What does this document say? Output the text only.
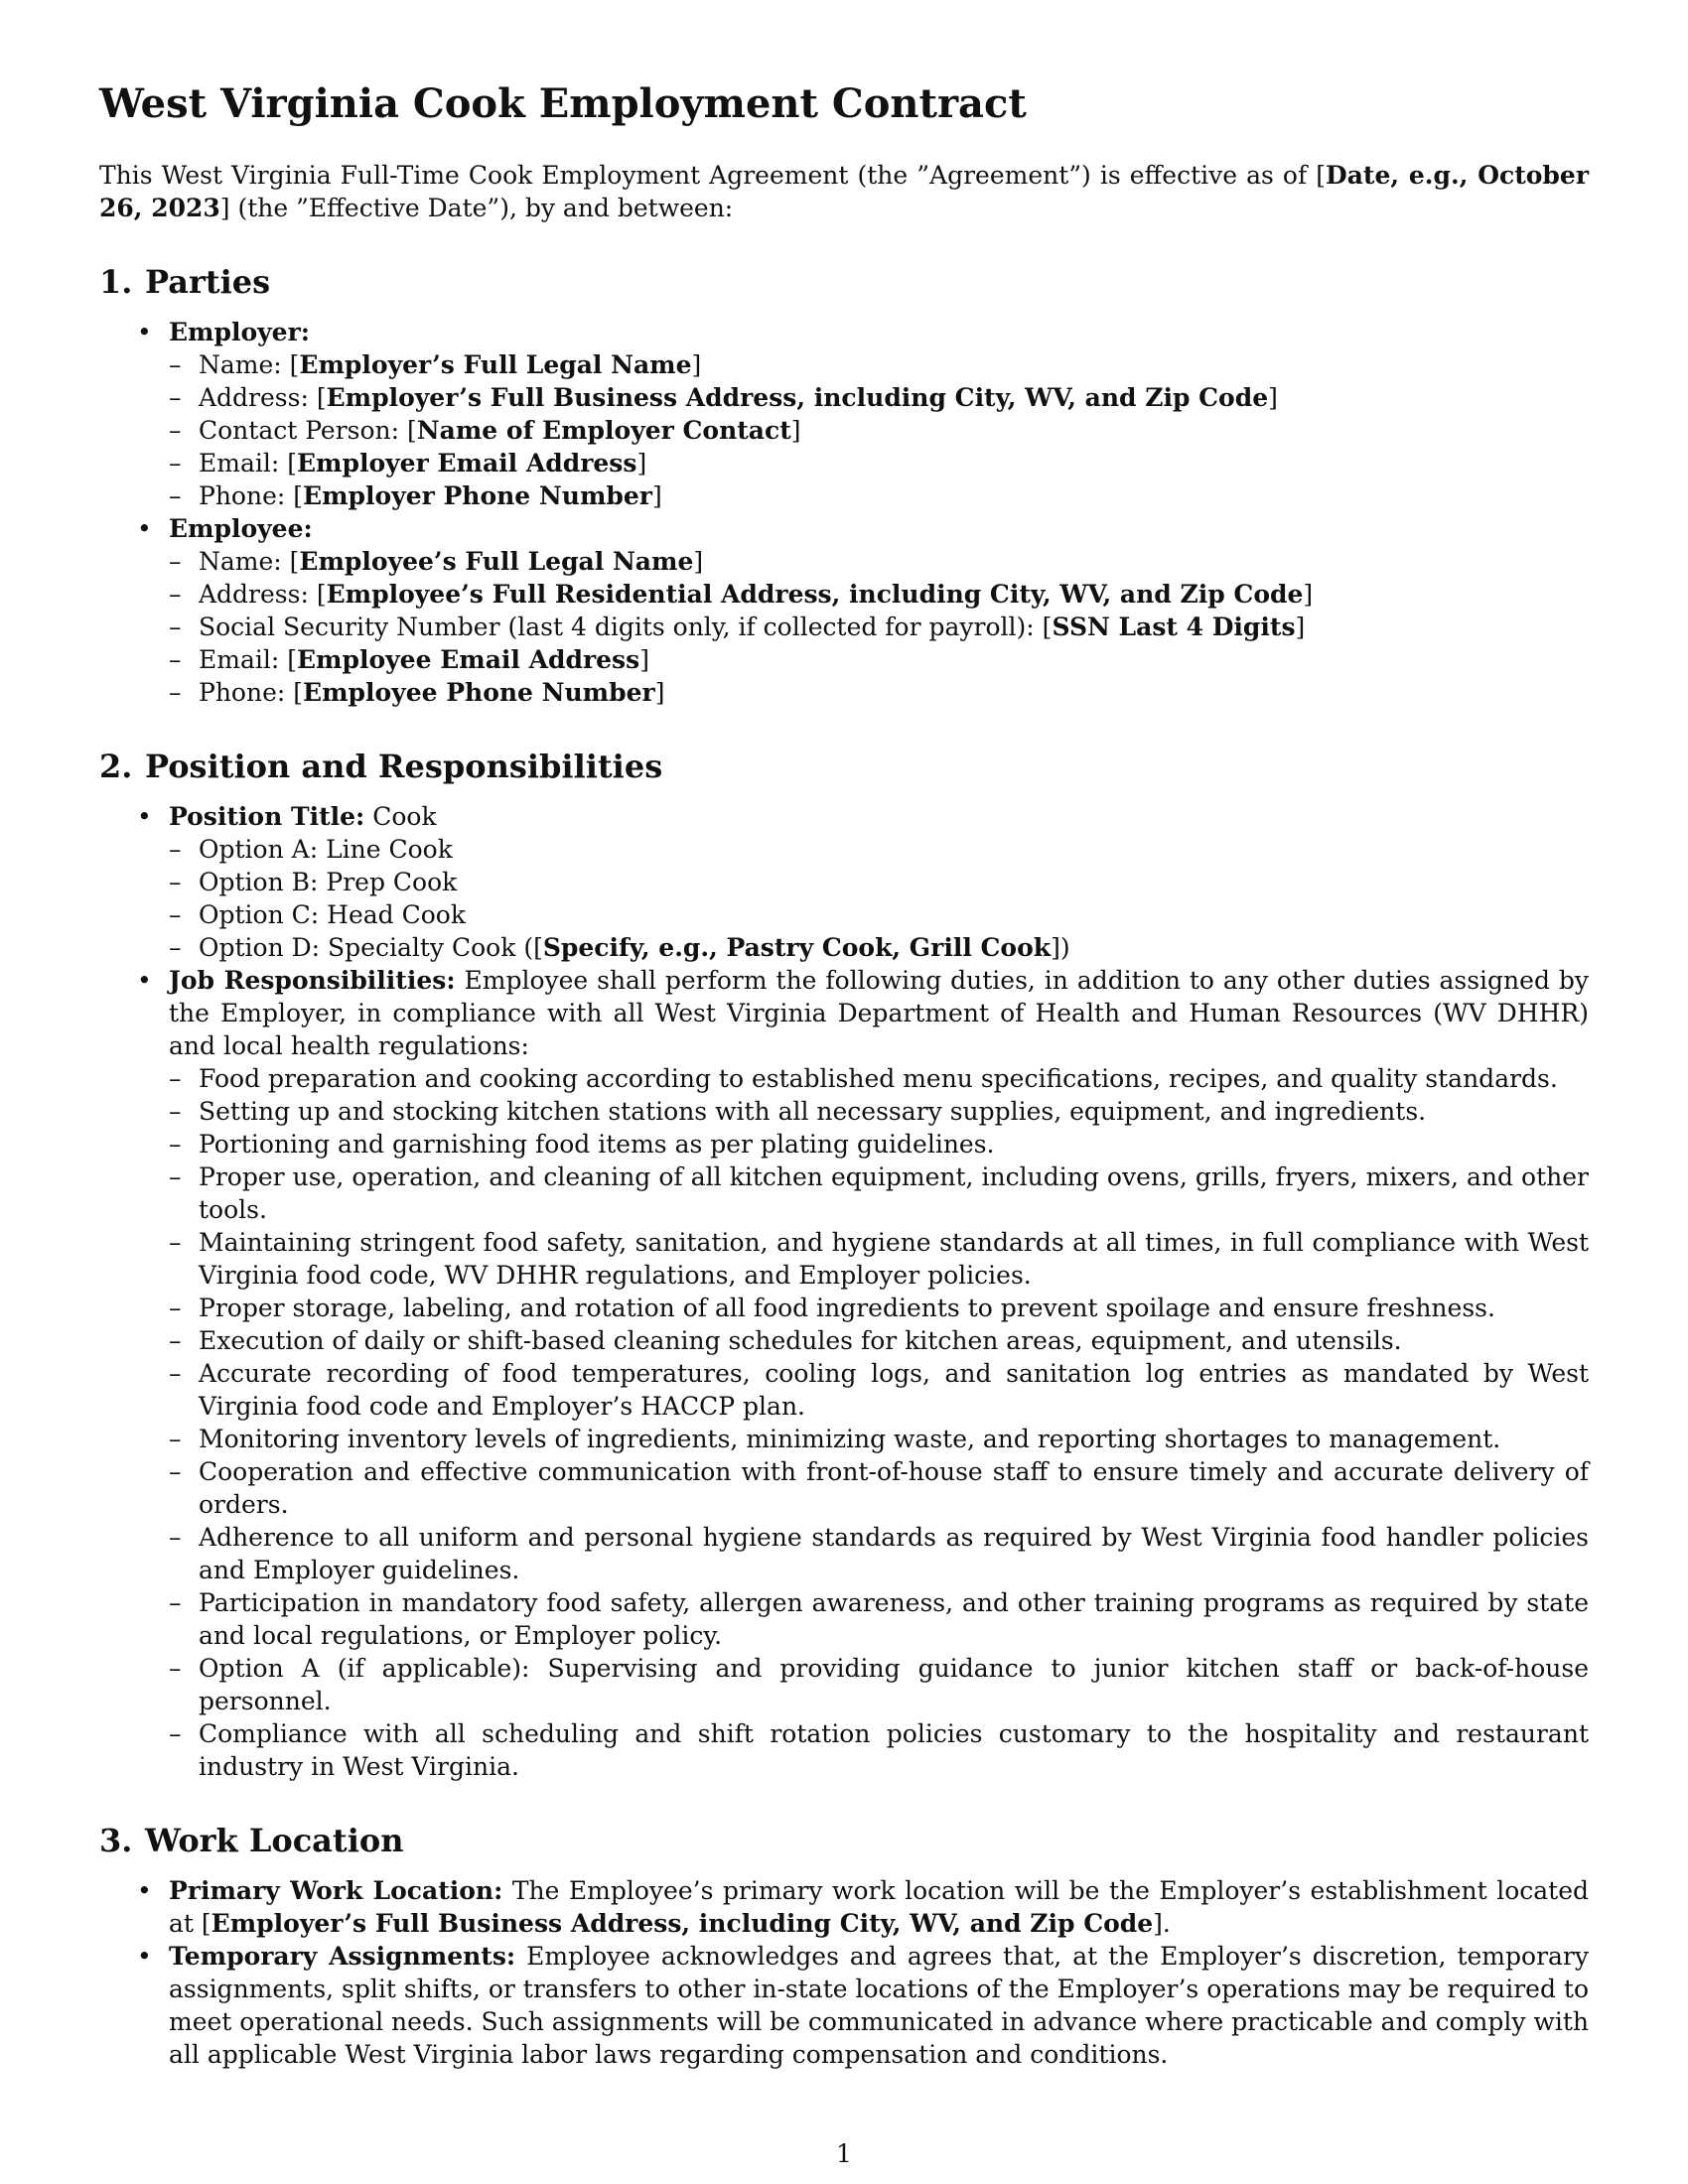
West Virginia Cook Employment Contract

This West Virginia Full-Time Cook Employment Agreement (the ”Agreement”) is effective as of [Date, e.g., October 26, 2023] (the ”Effective Date”), by and between:

1. Parties
• Employer:
– Name: [Employer’s Full Legal Name]
– Address: [Employer’s Full Business Address, including City, WV, and Zip Code]
– Contact Person: [Name of Employer Contact]
– Email: [Employer Email Address]
– Phone: [Employer Phone Number]
• Employee:
– Name: [Employee’s Full Legal Name]
– Address: [Employee’s Full Residential Address, including City, WV, and Zip Code]
– Social Security Number (last 4 digits only, if collected for payroll): [SSN Last 4 Digits]
– Email: [Employee Email Address]
– Phone: [Employee Phone Number]
2. Position and Responsibilities
• Position Title: Cook
– Option A: Line Cook
– Option B: Prep Cook
– Option C: Head Cook
– Option D: Specialty Cook ([Specify, e.g., Pastry Cook, Grill Cook])
• Job Responsibilities: Employee shall perform the following duties, in addition to any other duties assigned by the Employer, in compliance with all West Virginia Department of Health and Human Resources (WV DHHR) and local health regulations:
– Food preparation and cooking according to established menu specifications, recipes, and quality standards.
– Setting up and stocking kitchen stations with all necessary supplies, equipment, and ingredients.
– Portioning and garnishing food items as per plating guidelines.
– Proper use, operation, and cleaning of all kitchen equipment, including ovens, grills, fryers, mixers, and other tools.
– Maintaining stringent food safety, sanitation, and hygiene standards at all times, in full compliance with West Virginia food code, WV DHHR regulations, and Employer policies.
– Proper storage, labeling, and rotation of all food ingredients to prevent spoilage and ensure freshness.
– Execution of daily or shift-based cleaning schedules for kitchen areas, equipment, and utensils.
– Accurate recording of food temperatures, cooling logs, and sanitation log entries as mandated by West Virginia food code and Employer’s HACCP plan.
– Monitoring inventory levels of ingredients, minimizing waste, and reporting shortages to management.
– Cooperation and effective communication with front-of-house staff to ensure timely and accurate delivery of orders.
– Adherence to all uniform and personal hygiene standards as required by West Virginia food handler policies and Employer guidelines.
– Participation in mandatory food safety, allergen awareness, and other training programs as required by state and local regulations, or Employer policy.
– Option A (if applicable): Supervising and providing guidance to junior kitchen staff or back-of-house personnel.
– Compliance with all scheduling and shift rotation policies customary to the hospitality and restaurant industry in West Virginia.
3. Work Location
• Primary Work Location: The Employee’s primary work location will be the Employer’s establishment located at [Employer’s Full Business Address, including City, WV, and Zip Code].
• Temporary Assignments: Employee acknowledges and agrees that, at the Employer’s discretion, temporary assignments, split shifts, or transfers to other in-state locations of the Employer’s operations may be required to meet operational needs. Such assignments will be communicated in advance where practicable and comply with all applicable West Virginia labor laws regarding compensation and conditions.
1
